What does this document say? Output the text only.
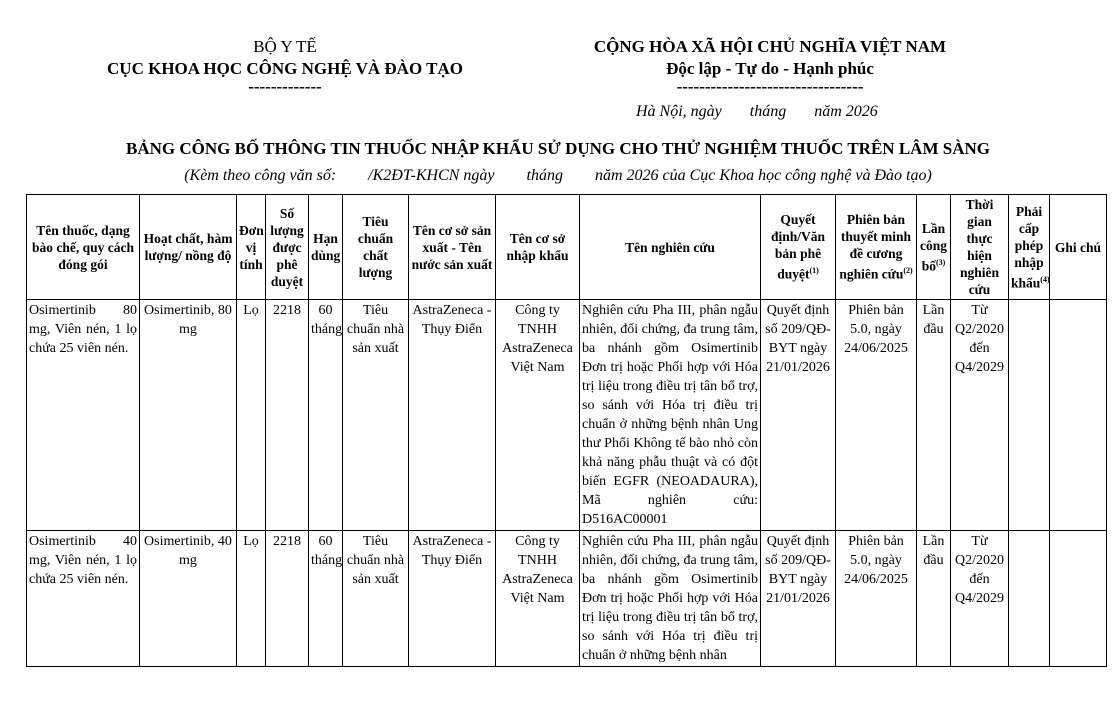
BỘ Y TẾ
CỤC KHOA HỌC CÔNG NGHỆ VÀ ĐÀO TẠO
-------------
CỘNG HÒA XÃ HỘI CHỦ NGHĨA VIỆT NAM
Độc lập - Tự do - Hạnh phúc
---------------------------------
Hà Nội, ngày       tháng       năm 2026
BẢNG CÔNG BỐ THÔNG TIN THUỐC NHẬP KHẨU SỬ DỤNG CHO THỬ NGHIỆM THUỐC TRÊN LÂM SÀNG
(Kèm theo công văn số:        /K2ĐT-KHCN ngày        tháng        năm 2026 của Cục Khoa học công nghệ và Đào tạo)
Tên thuốc, dạng bào chế, quy cách đóng gói	Hoạt chất, hàm lượng/ nồng độ	Đơn vị tính	Số lượng được phê duyệt	Hạn dùng	Tiêu chuẩn chất lượng	Tên cơ sở sản xuất - Tên nước sản xuất	Tên cơ sở nhập khẩu	Tên nghiên cứu	Quyết định/Văn bản phê duyệt$^{(1)}$	Phiên bản thuyết minh đề cương nghiên cứu$^{(2)}$	Lần công bố$^{(3)}$	Thời gian thực hiện nghiên cứu	Phải cấp phép nhập khẩu$^{(4)}$	Ghi chú
Osimertinib 80 mg, Viên nén, 1 lọ chứa 25 viên nén.	Osimertinib, 80 mg	Lọ	2218	60 tháng	Tiêu chuẩn nhà sản xuất	AstraZeneca - Thụy Điển	Công ty TNHH AstraZeneca Việt Nam	Nghiên cứu Pha III, phân ngẫu nhiên, đối chứng, đa trung tâm, ba nhánh gồm Osimertinib Đơn trị hoặc Phối hợp với Hóa trị liệu trong điều trị tân bổ trợ, so sánh với Hóa trị điều trị chuẩn ở những bệnh nhân Ung thư Phổi Không tế bào nhỏ còn khả năng phẫu thuật và có đột biến EGFR (NEOADAURA), Mã nghiên cứu: D516AC00001	Quyết định số 209/QĐ-BYT ngày 21/01/2026	Phiên bản 5.0, ngày 24/06/2025	Lần đầu	Từ Q2/2020 đến Q4/2029		
Osimertinib 40 mg, Viên nén, 1 lọ chứa 25 viên nén.	Osimertinib, 40 mg	Lọ	2218	60 tháng	Tiêu chuẩn nhà sản xuất	AstraZeneca - Thụy Điển	Công ty TNHH AstraZeneca Việt Nam	Nghiên cứu Pha III, phân ngẫu nhiên, đối chứng, đa trung tâm, ba nhánh gồm Osimertinib Đơn trị hoặc Phối hợp với Hóa trị liệu trong điều trị tân bổ trợ, so sánh với Hóa trị điều trị chuẩn ở những bệnh nhân	Quyết định số 209/QĐ-BYT ngày 21/01/2026	Phiên bản 5.0, ngày 24/06/2025	Lần đầu	Từ Q2/2020 đến Q4/2029		
